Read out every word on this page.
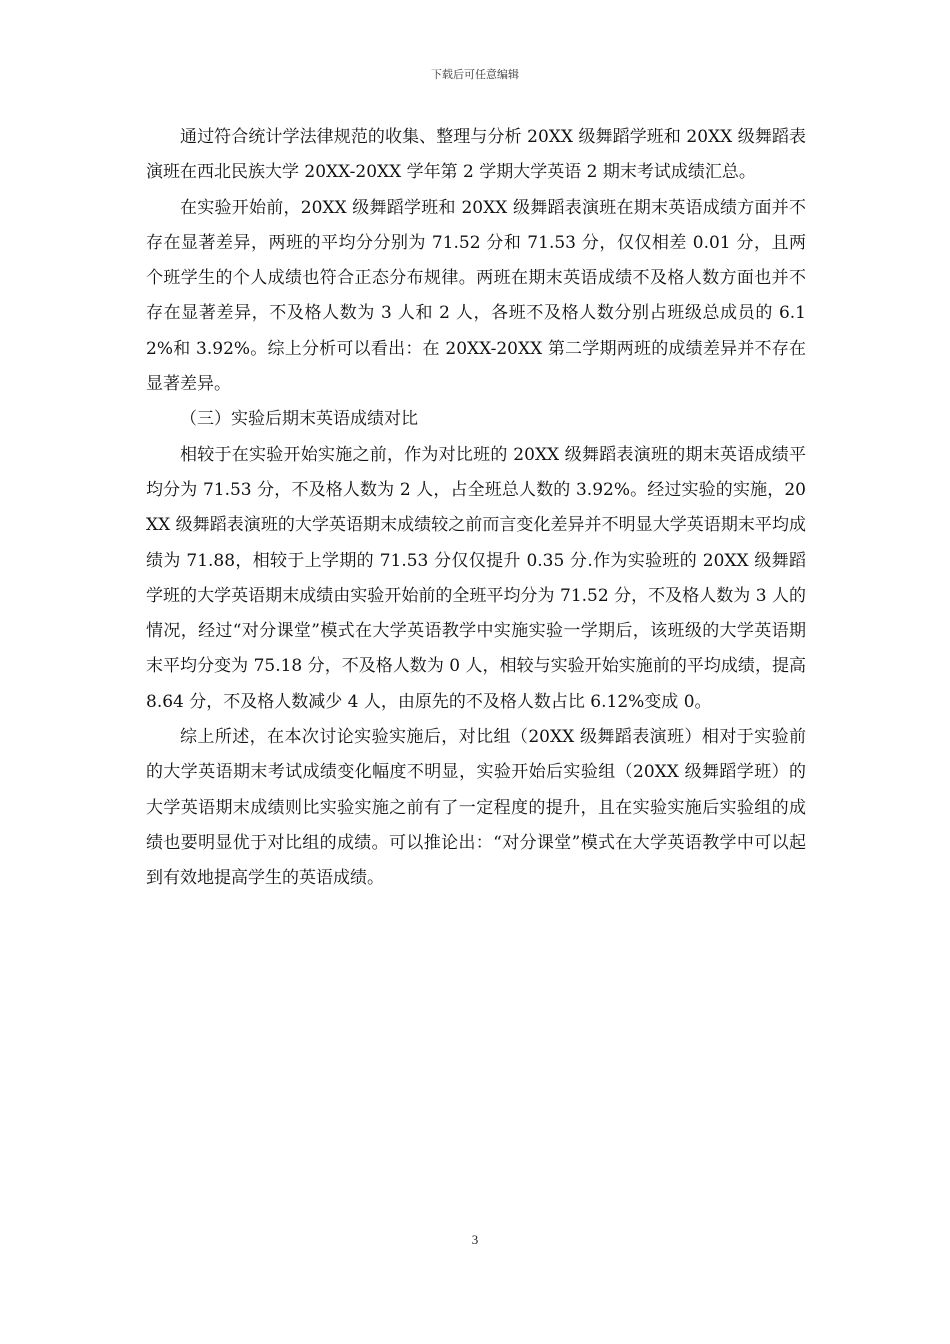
下载后可任意编辑

通过符合统计学法律规范的收集、整理与分析 20XX 级舞蹈学班和 20XX 级舞蹈表演班在西北民族大学 20XX-20XX 学年第 2 学期大学英语 2 期末考试成绩汇总。

在实验开始前，20XX 级舞蹈学班和 20XX 级舞蹈表演班在期末英语成绩方面并不存在显著差异，两班的平均分分别为 71.52 分和 71.53 分，仅仅相差 0.01 分，且两个班学生的个人成绩也符合正态分布规律。两班在期末英语成绩不及格人数方面也并不存在显著差异，不及格人数为 3 人和 2 人，各班不及格人数分别占班级总成员的 6.12%和 3.92%。综上分析可以看出：在 20XX-20XX 第二学期两班的成绩差异并不存在显著差异。

（三）实验后期末英语成绩对比

相较于在实验开始实施之前，作为对比班的 20XX 级舞蹈表演班的期末英语成绩平均分为 71.53 分，不及格人数为 2 人，占全班总人数的 3.92%。经过实验的实施，20XX 级舞蹈表演班的大学英语期末成绩较之前而言变化差异并不明显大学英语期末平均成绩为 71.88，相较于上学期的 71.53 分仅仅提升 0.35 分.作为实验班的 20XX 级舞蹈学班的大学英语期末成绩由实验开始前的全班平均分为 71.52 分，不及格人数为 3 人的情况，经过“对分课堂”模式在大学英语教学中实施实验一学期后，该班级的大学英语期末平均分变为 75.18 分，不及格人数为 0 人，相较与实验开始实施前的平均成绩，提高 8.64 分，不及格人数减少 4 人，由原先的不及格人数占比 6.12%变成 0。

综上所述，在本次讨论实验实施后，对比组（20XX 级舞蹈表演班）相对于实验前的大学英语期末考试成绩变化幅度不明显，实验开始后实验组（20XX 级舞蹈学班）的大学英语期末成绩则比实验实施之前有了一定程度的提升，且在实验实施后实验组的成绩也要明显优于对比组的成绩。可以推论出：“对分课堂”模式在大学英语教学中可以起到有效地提高学生的英语成绩。

3
